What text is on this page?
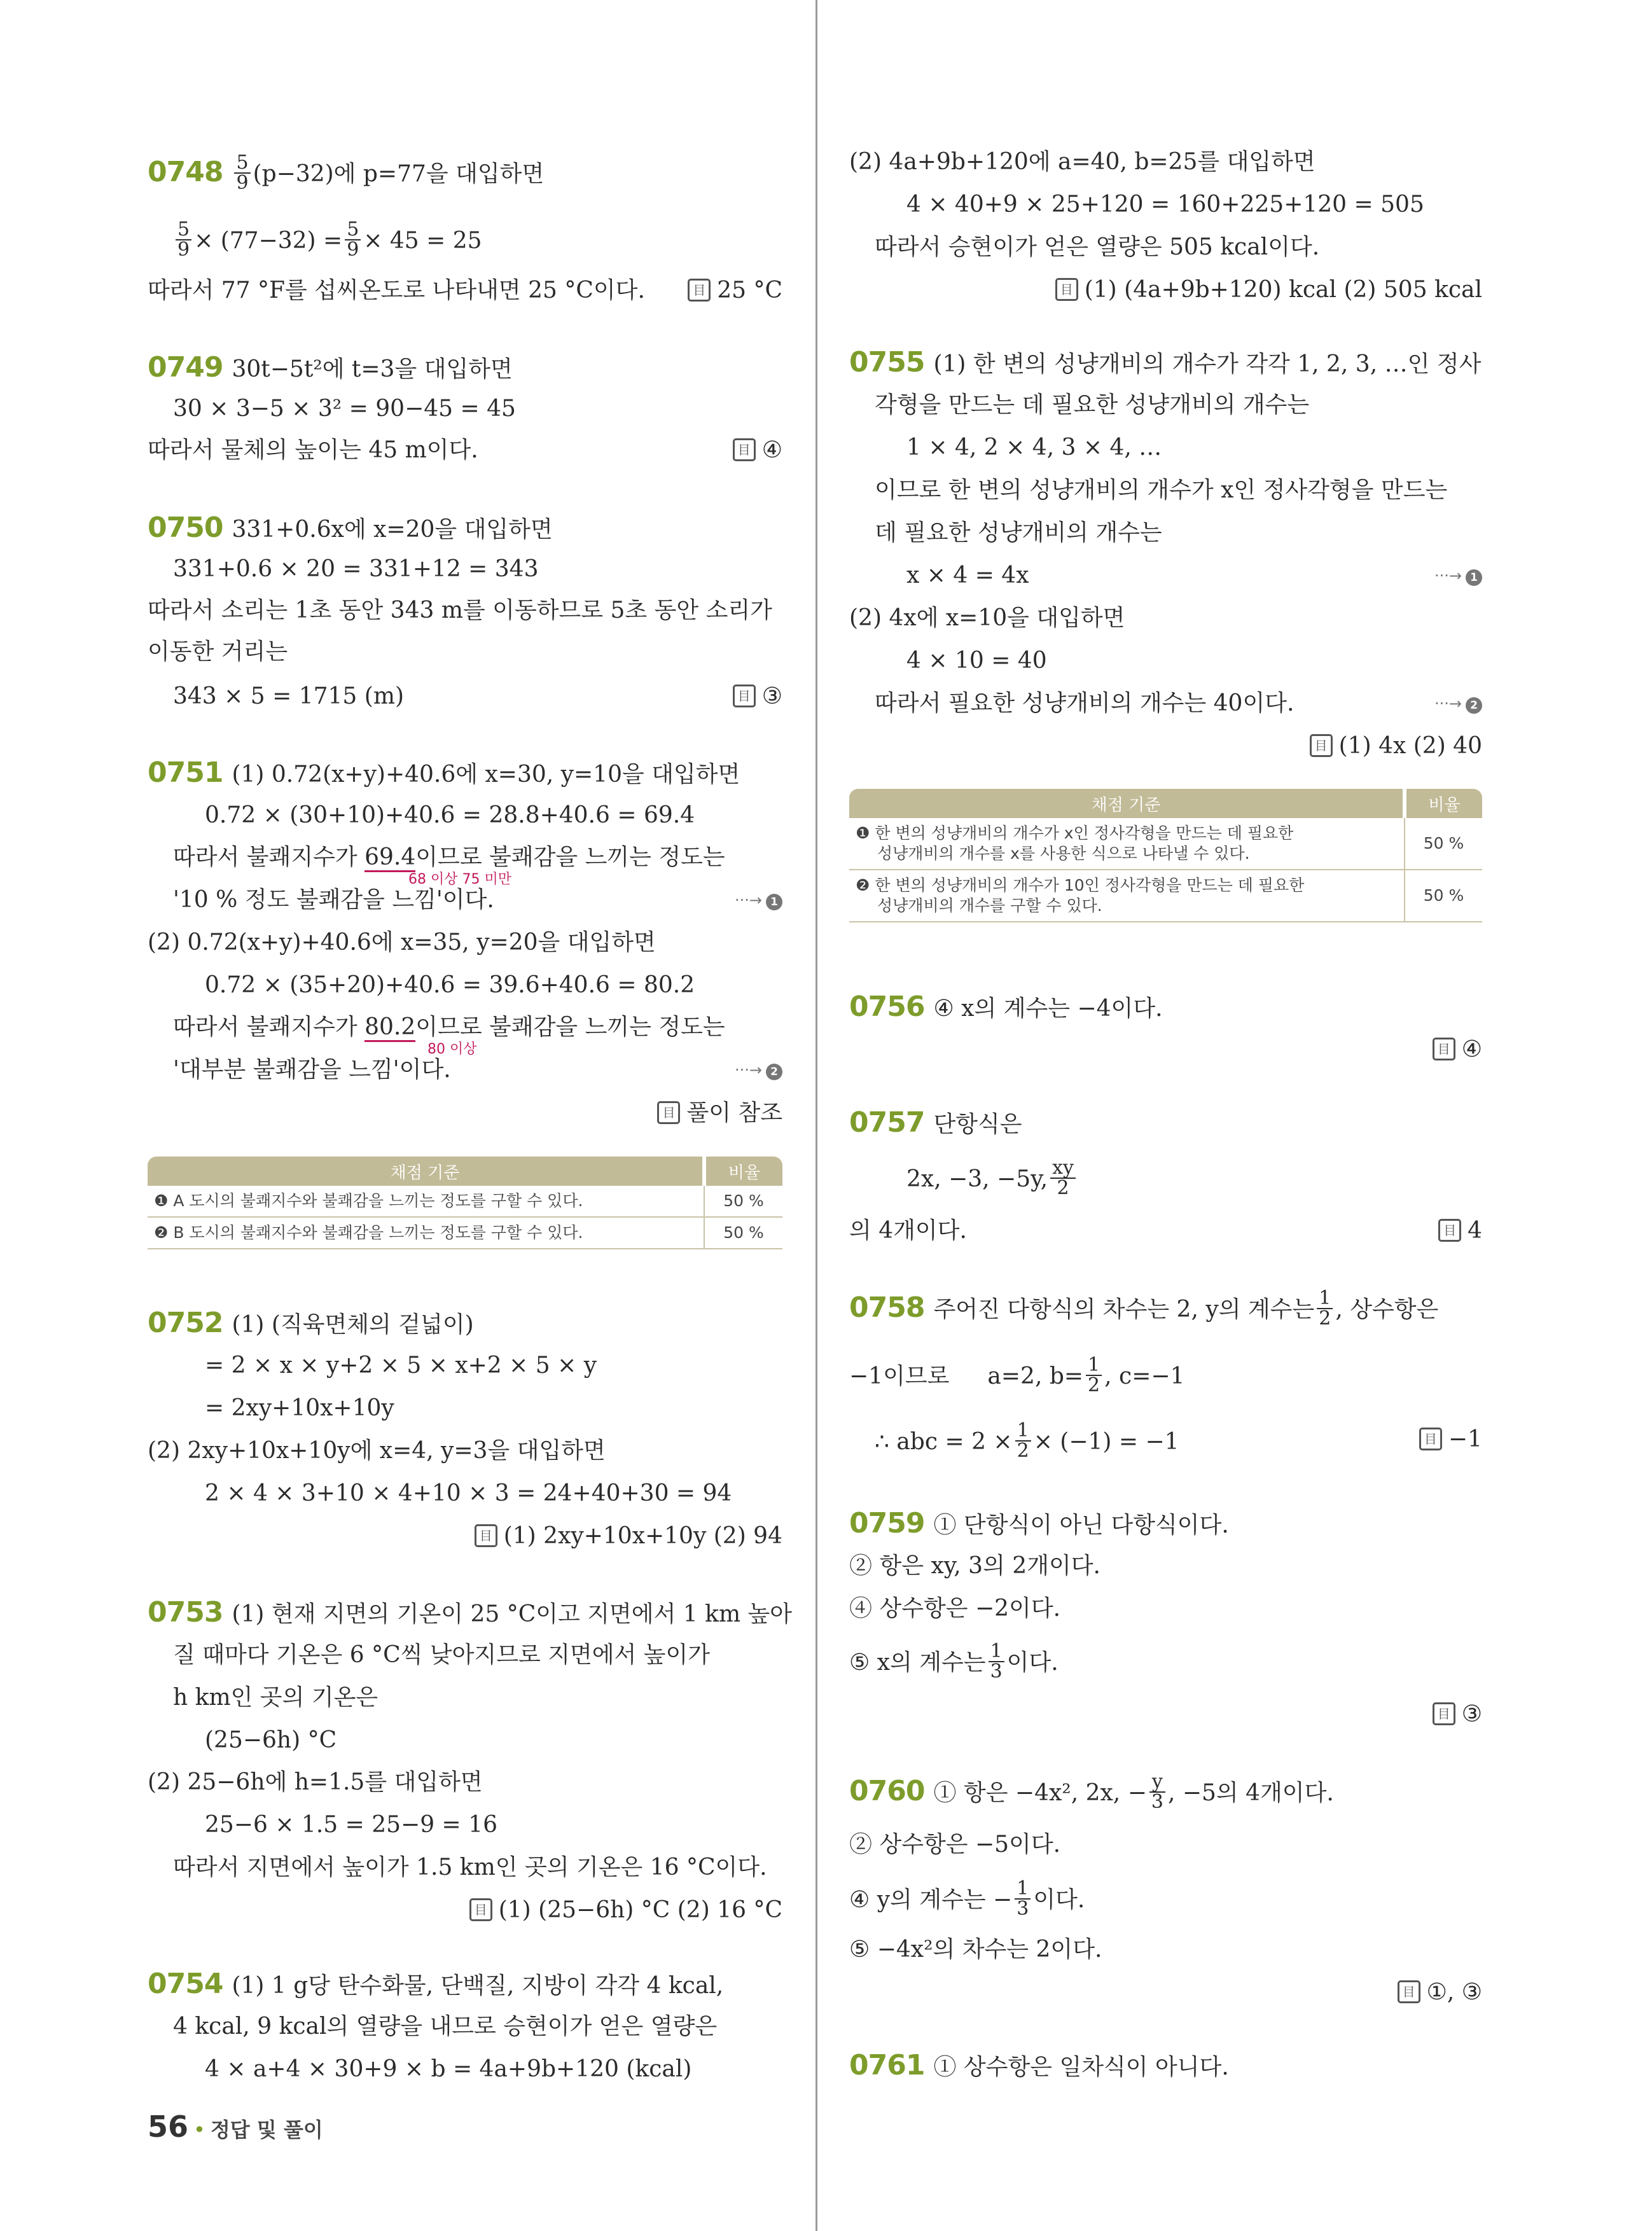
$0748 \frac{5}{9} (p-32)$에 p=77을 대입하면
$\frac{5}{9} \times (77-32) = \frac{5}{9} \times 45 = 25$
따라서 77 °F를 섭씨온도로 나타내면 25 °C이다. 目	25 °C
0749 30t−5t²에 t=3을 대입하면
30 × 3−5 × 3² = 90−45 = 45
따라서 물체의 높이는 45 m이다. 目	④
0750 331+0.6x에 x=20을 대입하면
331+0.6 × 20 = 331+12 = 343
따라서 소리는 1초 동안 343 m를 이동하므로 5초 동안 소리가
이동한 거리는
343 × 5 = 1715 (m) 目	③
0751 (1) 0.72(x+y)+40.6에 x=30, y=10을 대입하면
0.72 × (30+10)+40.6 = 28.8+40.6 = 69.4
따라서 불쾌지수가 69.4이므로 불쾌감을 느끼는 정도는
68 이상 75 미만
'10 % 정도 불쾌감을 느낌'이다.	···→ 1
(2) 0.72(x+y)+40.6에 x=35, y=20을 대입하면
0.72 × (35+20)+40.6 = 39.6+40.6 = 80.2
따라서 불쾌지수가 80.2이므로 불쾌감을 느끼는 정도는
80 이상
'대부분 불쾌감을 느낌'이다.	···→ 2
目풀이 참조
채점 기준	비율
❶ A 도시의 불쾌지수와 불쾌감을 느끼는 정도를 구할 수 있다.	50 %
❷ B 도시의 불쾌지수와 불쾌감을 느끼는 정도를 구할 수 있다.	50 %
0752 (1) (직육면체의 겉넓이)
= 2 × x × y+2 × 5 × x+2 × 5 × y
= 2xy+10x+10y
(2) 2xy+10x+10y에 x=4, y=3을 대입하면
2 × 4 × 3+10 × 4+10 × 3 = 24+40+30 = 94
目(1) 2xy+10x+10y (2) 94
0753 (1) 현재 지면의 기온이 25 °C이고 지면에서 1 km 높아
질 때마다 기온은 6 °C씩 낮아지므로 지면에서 높이가
h km인 곳의 기온은
(25−6h) °C
(2) 25−6h에 h=1.5를 대입하면
25−6 × 1.5 = 25−9 = 16
따라서 지면에서 높이가 1.5 km인 곳의 기온은 16 °C이다.
目(1) (25−6h) °C (2) 16 °C
0754 (1) 1 g당 탄수화물, 단백질, 지방이 각각 4 kcal,
4 kcal, 9 kcal의 열량을 내므로 승현이가 얻은 열량은
4 × a+4 × 30+9 × b = 4a+9b+120 (kcal)
(2) 4a+9b+120에 a=40, b=25를 대입하면
4 × 40+9 × 25+120 = 160+225+120 = 505
따라서 승현이가 얻은 열량은 505 kcal이다.
目(1) (4a+9b+120) kcal (2) 505 kcal
0755 (1) 한 변의 성냥개비의 개수가 각각 1, 2, 3, …인 정사
각형을 만드는 데 필요한 성냥개비의 개수는
1 × 4, 2 × 4, 3 × 4, …
이므로 한 변의 성냥개비의 개수가 x인 정사각형을 만드는
데 필요한 성냥개비의 개수는
x × 4 = 4x	···→ 1
(2) 4x에 x=10을 대입하면
4 × 10 = 40
따라서 필요한 성냥개비의 개수는 40이다.	···→ 2
目(1) 4x (2) 40
채점 기준	비율
❶ 한 변의 성냥개비의 개수가 x인 정사각형을 만드는 데 필요한
성냥개비의 개수를 x를 사용한 식으로 나타낼 수 있다.	50 %
❷ 한 변의 성냥개비의 개수가 10인 정사각형을 만드는 데 필요한
성냥개비의 개수를 구할 수 있다.	50 %
0756 ④ x의 계수는 −4이다.
目④
0757 단항식은
2x, −3, −5y, $\frac{xy}{2}$
의 4개이다. 目	4
0758 주어진 다항식의 차수는 2, y의 계수는 $\frac{1}{2}$ , 상수항은
−1이므로 a=2, $b= \frac{1}{2}$ , c=−1
∴ abc = $2 \times \frac{1}{2} \times (-1) = -1$ 目	−1
0759 ① 단항식이 아닌 다항식이다.
② 항은 xy, 3의 2개이다.
④ 상수항은 −2이다.
⑤ x의 계수는 $\frac{1}{3}$ 이다.
目③
0760 ① 항은 −4x², 2x, − $\frac{y}{3}$ , −5의 4개이다.
② 상수항은 −5이다.
④ y의 계수는 − $\frac{1}{3}$ 이다.
⑤ −4x²의 차수는 2이다.
目①, ③
0761 ① 상수항은 일차식이 아니다.
56 • 정답 및 풀이
